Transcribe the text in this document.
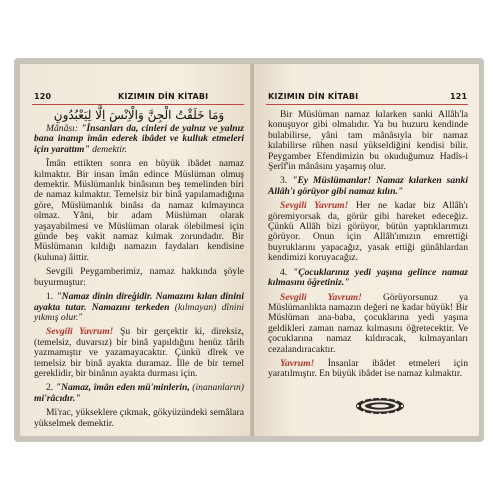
120	KIZIMIN DİN KİTABI
وَمَا خَلَقْتُ الْجِنَّ وَالْاِنْسَ اِلَّا لِيَعْبُدُونِ

Mânâsı: "İnsanları da, cinleri de yalnız ve yalnız bana inanıp îmân ederek ibâdet ve kulluk etmeleri için yarattım" demektir.

Îmân ettikten sonra en büyük ibâdet namaz kılmaktır. Bir insan îmân edince Müslüman olmuş demektir. Müslümanlık binâsının beş temelinden biri de namaz kılmaktır. Temelsiz bir binâ yapılamadığına göre, Müslümanlık binâsı da namaz kılmayınca olmaz. Yâni, bir adam Müslüman olarak yaşayabilmesi ve Müslüman olarak ölebilmesi için günde beş vakit namaz kılmak zorundadır. Bir Müslümanın kıldığı namazın faydaları kendisine (kuluna) âittir.

Sevgili Peygamberimiz, namaz hakkında şöyle buyurmuştur:

1. "Namaz dînin direğidir. Namazını kılan dînini ayakta tutar. Namazını terkeden (kılmayan) dînini yıkmış olur."

Sevgili Yavrum! Şu bir gerçektir ki, direksiz, (temelsiz, duvarsız) bir binâ yapıldığını henüz târih yazmamıştır ve yazamayacaktır. Çünkü dîrek ve temelsiz bir binâ ayakta duramaz. İlle de bir temel gereklidir, bir binânın ayakta durması için.

2. "Namaz, îmân eden mü'minlerin, (inananların) mi'râcıdır."

Mi'rac, yükseklere çıkmak, gökyüzündeki semâlara yükselmek demektir.

KIZIMIN DİN KİTABI	121

Bir Müslüman namaz kılarken sanki Allâh'la konuşuyor gibi olmalıdır. Ya bu huzuru kendinde bulabilirse, yâni tam mânâsıyla bir namaz kılabilirse rûhen nasıl yükseldiğini kendisi bilir. Peygamber Efendimizin bu okuduğumuz Hadîs-i Şerîf'in mânâsını yaşamış olur.

3. "Ey Müslümanlar! Namaz kılarken sanki Allâh'ı görüyor gibi namaz kılın."

Sevgili Yavrum! Her ne kadar biz Allâh'ı göremiyorsak da, görür gibi hareket edeceğiz. Çünkü Allâh bizi görüyor, bütün yaptıklarımızı görüyor. Onun için Allâh'ımızın emrettiği buyruklarını yapacağız, yasak ettiği günâhlardan kendimizi koruyacağız.

4. "Çocuklarınız yedi yaşına gelince namaz kılmasını öğretiniz."

Sevgili Yavrum! Görüyorsunuz ya Müslümanlıkta namazın değeri ne kadar büyük! Bir Müslüman ana-baba, çocuklarına yedi yaşına geldikleri zaman namaz kılmasını öğretecektir. Ve çocuklarına namaz kıldıracak, kılmayanları cezalandıracaktır.

Yavrum! İnsanlar ibâdet etmeleri için yaratılmıştır. En büyük ibâdet ise namaz kılmaktır.
